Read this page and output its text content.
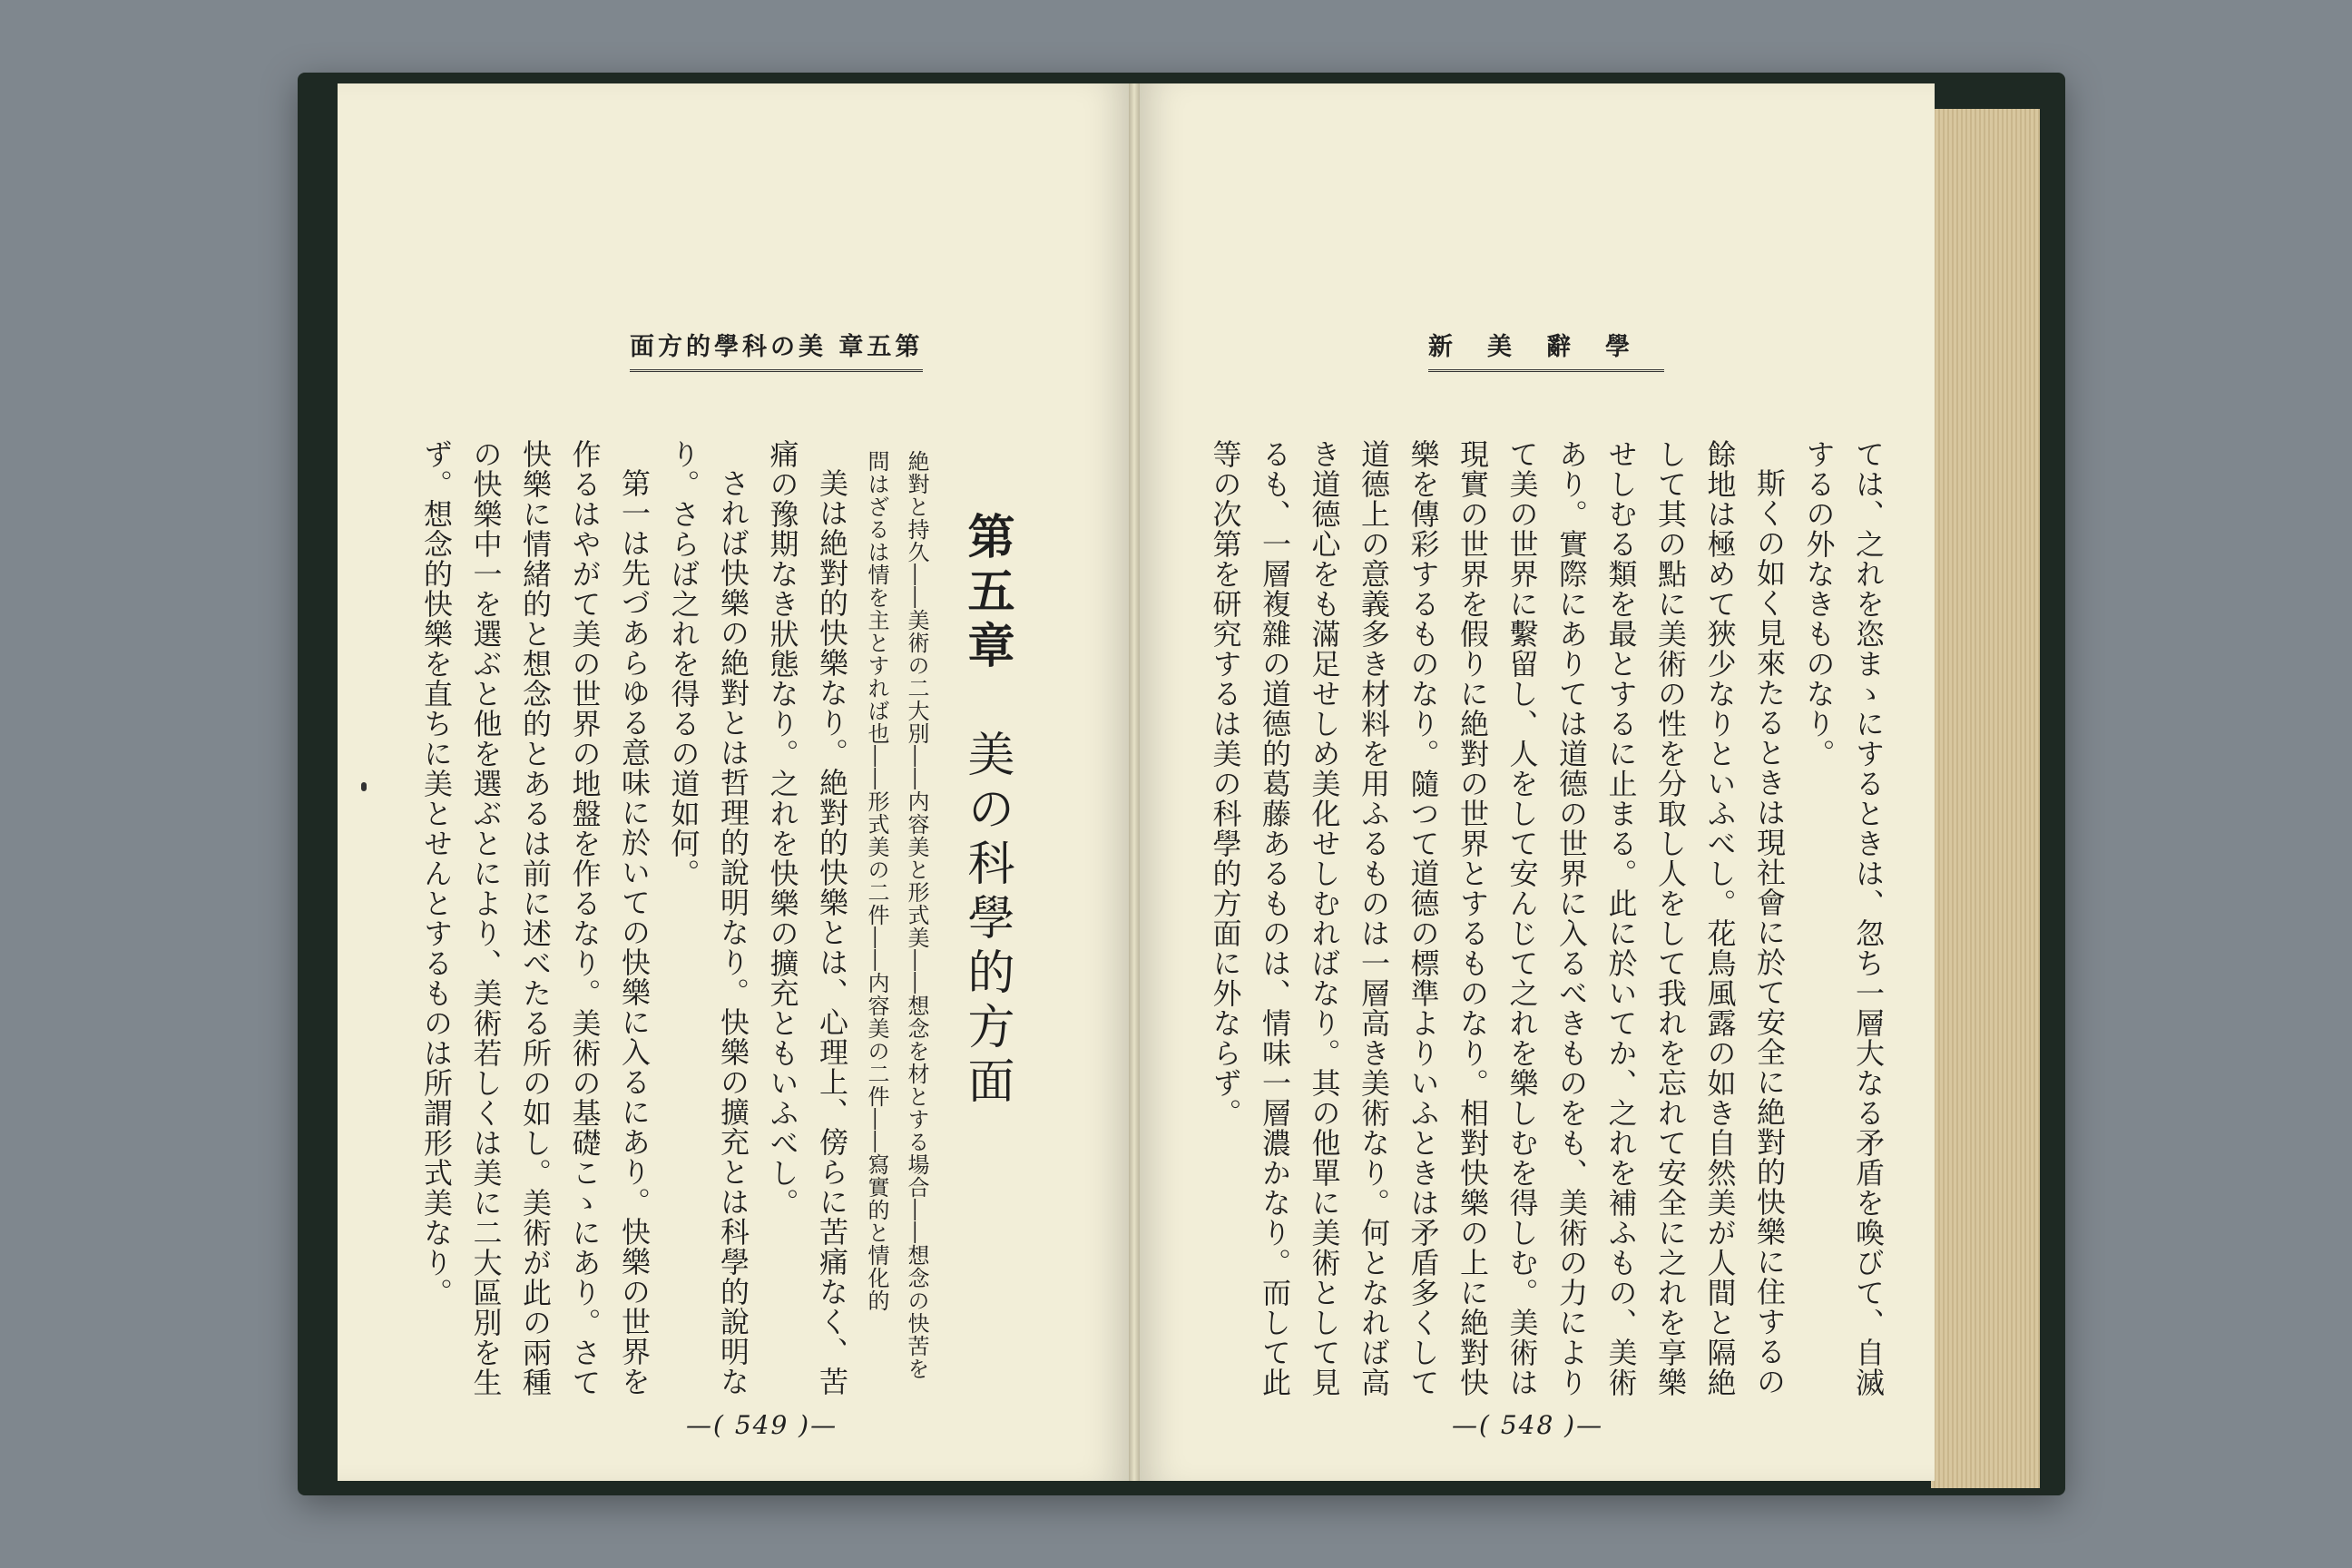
面方的學科の美 章五第

第五章　美の科學的方面

絶對と持久――美術の二大別――内容美と形式美――想念を材とする場合――想念の快苦を

問はざるは情を主とすれば也――形式美の二件――内容美の二件――寫實的と情化的

美は絶對的快樂なり。絶對的快樂とは、心理上、傍らに苦痛なく、苦痛の豫期なき狀態なり。之れを快樂の擴充ともいふべし。

されば快樂の絶對とは哲理的說明なり。快樂の擴充とは科學的說明なり。さらば之れを得るの道如何。

第一は先づあらゆる意味に於いての快樂に入るにあり。快樂の世界を作るはやがて美の世界の地盤を作るなり。美術の基礎こゝにあり。さて快樂に情緒的と想念的とあるは前に述べたる所の如し。美術が此の兩種の快樂中一を選ぶと他を選ぶとにより、美術若しくは美に二大區別を生ず。想念的快樂を直ちに美とせんとするものは所謂形式美なり。

—( 549 )—
新美辭學

ては、之れを恣まゝにするときは、忽ち一層大なる矛盾を喚びて、自滅するの外なきものなり。

斯くの如く見來たるときは現社會に於て安全に絶對的快樂に住するの餘地は極めて狹少なりといふべし。花鳥風露の如き自然美が人間と隔絶して其の點に美術の性を分取し人をして我れを忘れて安全に之れを享樂せしむる類を最とするに止まる。此に於いてか、之れを補ふもの、美術あり。實際にありては道德の世界に入るべきものをも、美術の力によりて美の世界に繫留し、人をして安んじて之れを樂しむを得しむ。美術は現實の世界を假りに絶對の世界とするものなり。相對快樂の上に絶對快樂を傳彩するものなり。隨つて道德の標準よりいふときは矛盾多くして道德上の意義多き材料を用ふるものは一層高き美術なり。何となれば高き道德心をも滿足せしめ美化せしむればなり。其の他單に美術として見るも、一層複雜の道德的葛藤あるものは、情味一層濃かなり。而して此等の次第を研究するは美の科學的方面に外ならず。

—( 548 )—
